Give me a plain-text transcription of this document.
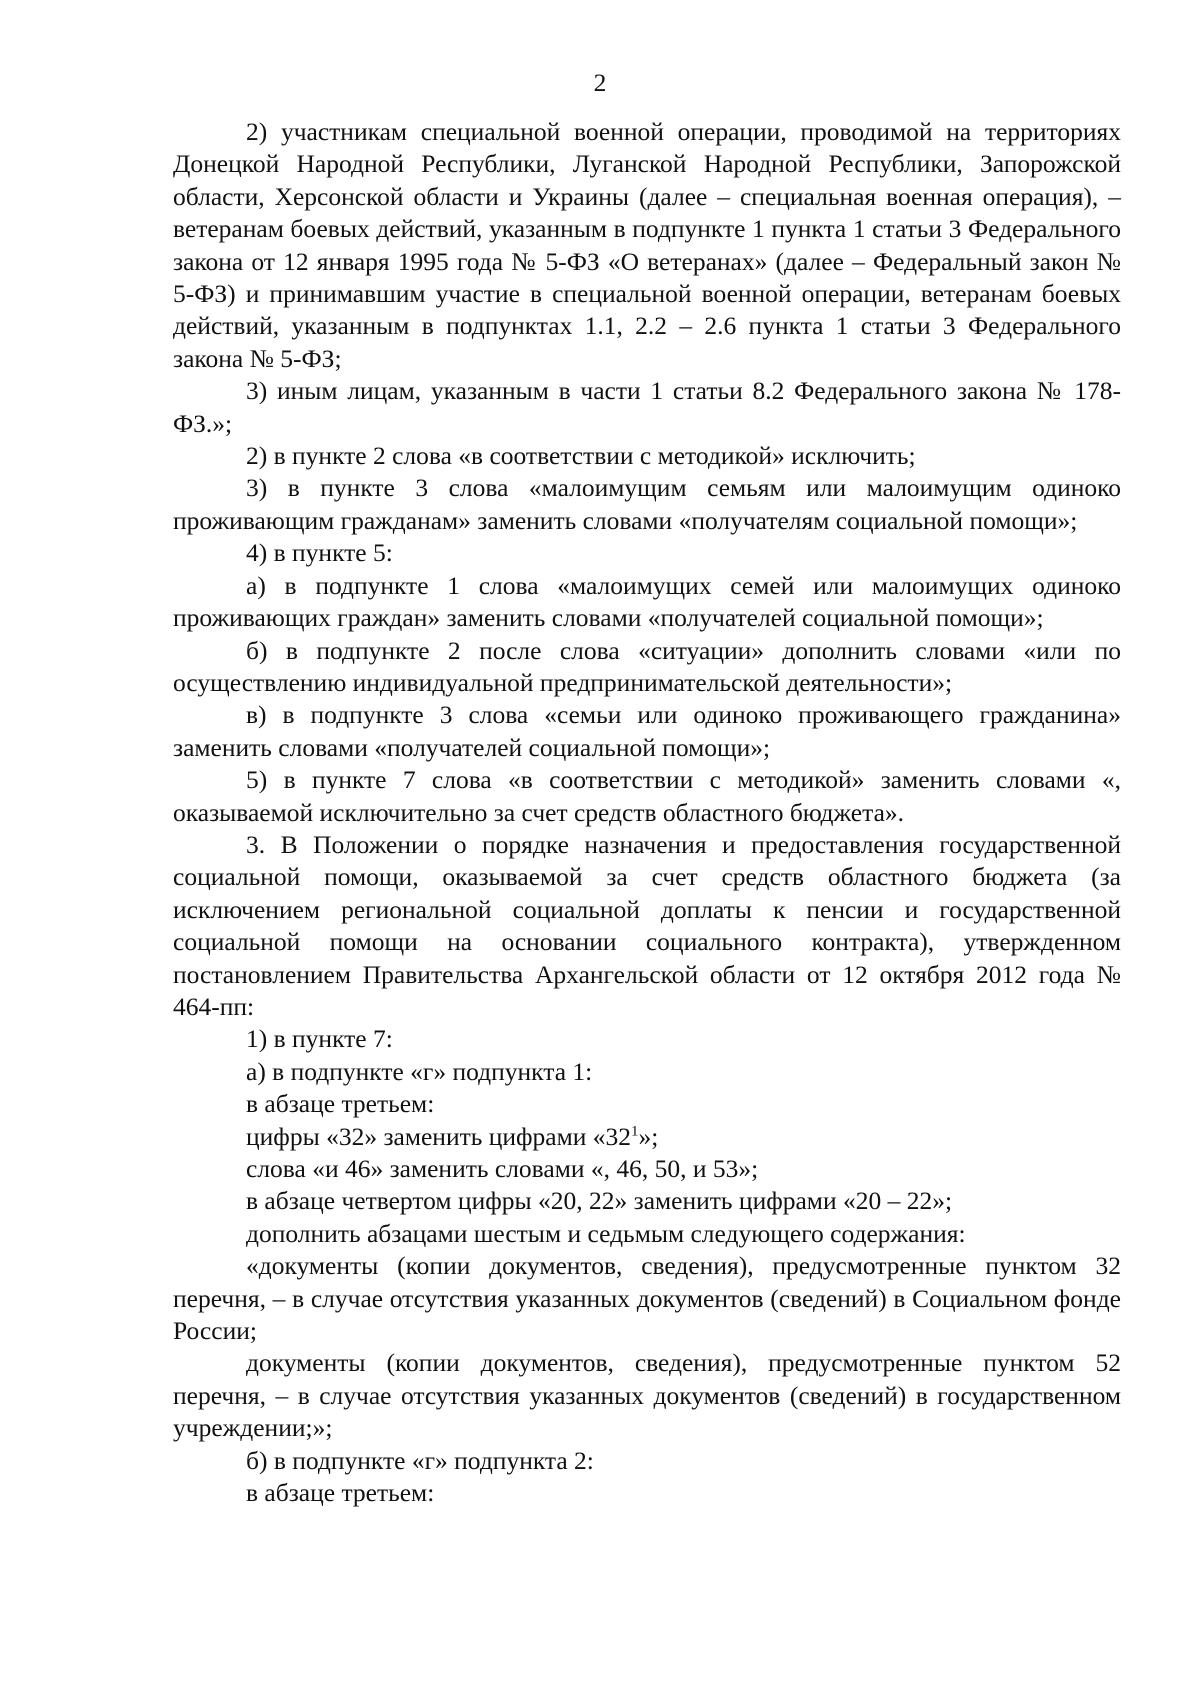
2

2) участникам специальной военной операции, проводимой на территориях Донецкой Народной Республики, Луганской Народной Республики, Запорожской области, Херсонской области и Украины (далее – специальная военная операция), – ветеранам боевых действий, указанным в подпункте 1 пункта 1 статьи 3 Федерального закона от 12 января 1995 года № 5-ФЗ «О ветеранах» (далее – Федеральный закон № 5-ФЗ) и принимавшим участие в специальной военной операции, ветеранам боевых действий, указанным в подпунктах 1.1, 2.2 – 2.6 пункта 1 статьи 3 Федерального закона № 5-ФЗ;

3) иным лицам, указанным в части 1 статьи 8.2 Федерального закона № 178-ФЗ.»;

2) в пункте 2 слова «в соответствии с методикой» исключить;

3) в пункте 3 слова «малоимущим семьям или малоимущим одиноко проживающим гражданам» заменить словами «получателям социальной помощи»;

4) в пункте 5:

а) в подпункте 1 слова «малоимущих семей или малоимущих одиноко проживающих граждан» заменить словами «получателей социальной помощи»;

б) в подпункте 2 после слова «ситуации» дополнить словами «или по осуществлению индивидуальной предпринимательской деятельности»;

в) в подпункте 3 слова «семьи или одиноко проживающего гражданина» заменить словами «получателей социальной помощи»;

5) в пункте 7 слова «в соответствии с методикой» заменить словами «, оказываемой исключительно за счет средств областного бюджета».

3. В Положении о порядке назначения и предоставления государственной социальной помощи, оказываемой за счет средств областного бюджета (за исключением региональной социальной доплаты к пенсии и государственной социальной помощи на основании социального контракта), утвержденном постановлением Правительства Архангельской области от 12 октября 2012 года № 464-пп:

1) в пункте 7:

а) в подпункте «г» подпункта 1:

в абзаце третьем:

цифры «32» заменить цифрами «$32^1$»;

слова «и 46» заменить словами «, 46, 50, и 53»;

в абзаце четвертом цифры «20, 22» заменить цифрами «20 – 22»;

дополнить абзацами шестым и седьмым следующего содержания:

«документы (копии документов, сведения), предусмотренные пунктом 32 перечня, – в случае отсутствия указанных документов (сведений) в Социальном фонде России;

документы (копии документов, сведения), предусмотренные пунктом 52 перечня, – в случае отсутствия указанных документов (сведений) в государственном учреждении;»;

б) в подпункте «г» подпункта 2:

в абзаце третьем:
